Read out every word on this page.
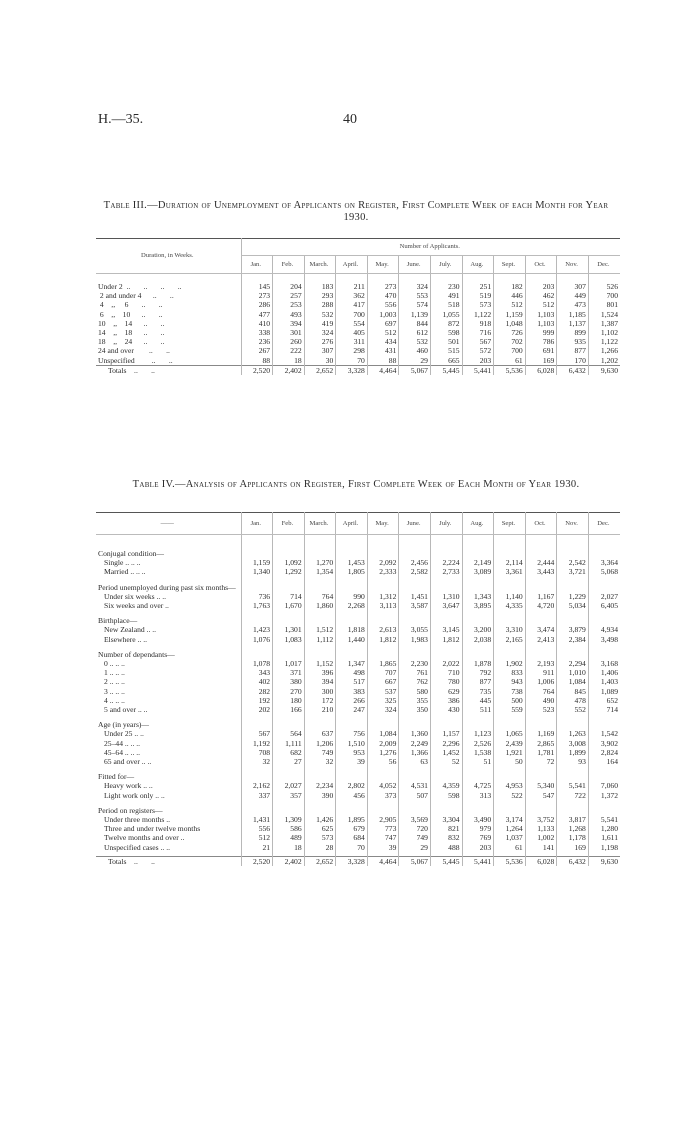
H.—35.	40
Table III.—Duration of Unemployment of Applicants on Register, First Complete Week of each Month for Year 1930.
Duration, in Weeks.	Number of Applicants.											
	Jan.	Feb.	March.	April.	May.	June.	July.	Aug.	Sept.	Oct.	Nov.	Dec.

Under 2  ..       ..       ..       ..	145	204	183	211	273	324	230	251	182	203	307	526
2 and under 4      ..       ..	273	257	293	362	470	553	491	519	446	462	449	700
4    ,,     6       ..       ..	286	253	288	417	556	574	518	573	512	512	473	801
6    ,,    10      ..       ..	477	493	532	700	1,003	1,139	1,055	1,122	1,159	1,103	1,185	1,524
10    ,,    14      ..       ..	410	394	419	554	697	844	872	918	1,048	1,103	1,137	1,387
14    ,,    18      ..       ..	338	301	324	405	512	612	598	716	726	999	899	1,102
18    ,,    24      ..       ..	236	260	276	311	434	532	501	567	702	786	935	1,122
24 and over        ..       ..	267	222	307	298	431	460	515	572	700	691	877	1,266
Unspecified         ..       ..	88	18	30	70	88	29	665	203	61	169	170	1,202
Totals    ..       ..	2,520	2,402	2,652	3,328	4,464	5,067	5,445	5,441	5,536	6,028	6,432	9,630
Table IV.—Analysis of Applicants on Register, First Complete Week of Each Month of Year 1930.
——	Jan.	Feb.	March.	April.	May.	June.	July.	Aug.	Sept.	Oct.	Nov.	Dec.

Conjugal condition—												
Single .. .. ..	1,159	1,092	1,270	1,453	2,092	2,456	2,224	2,149	2,114	2,444	2,542	3,364
Married .. .. ..	1,340	1,292	1,354	1,805	2,333	2,582	2,733	3,089	3,361	3,443	3,721	5,068

Period unemployed during past six months—												
Under six weeks .. ..	736	714	764	990	1,312	1,451	1,310	1,343	1,140	1,167	1,229	2,027
Six weeks and over ..	1,763	1,670	1,860	2,268	3,113	3,587	3,647	3,895	4,335	4,720	5,034	6,405

Birthplace—												
New Zealand .. ..	1,423	1,301	1,512	1,818	2,613	3,055	3,145	3,200	3,310	3,474	3,879	4,934
Elsewhere .. ..	1,076	1,083	1,112	1,440	1,812	1,983	1,812	2,038	2,165	2,413	2,384	3,498

Number of dependants—												
0 .. .. ..	1,078	1,017	1,152	1,347	1,865	2,230	2,022	1,878	1,902	2,193	2,294	3,168
1 .. .. ..	343	371	396	498	707	761	710	792	833	911	1,010	1,406
2 .. .. ..	402	380	394	517	667	762	780	877	943	1,006	1,084	1,403
3 .. .. ..	282	270	300	383	537	580	629	735	738	764	845	1,089
4 .. .. ..	192	180	172	266	325	355	386	445	500	490	478	652
5 and over .. ..	202	166	210	247	324	350	430	511	559	523	552	714

Age (in years)—												
Under 25 .. ..	567	564	637	756	1,084	1,360	1,157	1,123	1,065	1,169	1,263	1,542
25–44 .. .. ..	1,192	1,111	1,206	1,510	2,009	2,249	2,296	2,526	2,439	2,865	3,008	3,902
45–64 .. .. ..	708	682	749	953	1,276	1,366	1,452	1,538	1,921	1,781	1,899	2,824
65 and over .. ..	32	27	32	39	56	63	52	51	50	72	93	164

Fitted for—												
Heavy work .. ..	2,162	2,027	2,234	2,802	4,052	4,531	4,359	4,725	4,953	5,340	5,541	7,060
Light work only .. ..	337	357	390	456	373	507	598	313	522	547	722	1,372

Period on registers—												
Under three months ..	1,431	1,309	1,426	1,895	2,905	3,569	3,304	3,490	3,174	3,752	3,817	5,541
Three and under twelve months	556	586	625	679	773	720	821	979	1,264	1,133	1,268	1,280
Twelve months and over ..	512	489	573	684	747	749	832	769	1,037	1,002	1,178	1,611
Unspecified cases .. ..	21	18	28	70	39	29	488	203	61	141	169	1,198

Totals    ..       ..	2,520	2,402	2,652	3,328	4,464	5,067	5,445	5,441	5,536	6,028	6,432	9,630
